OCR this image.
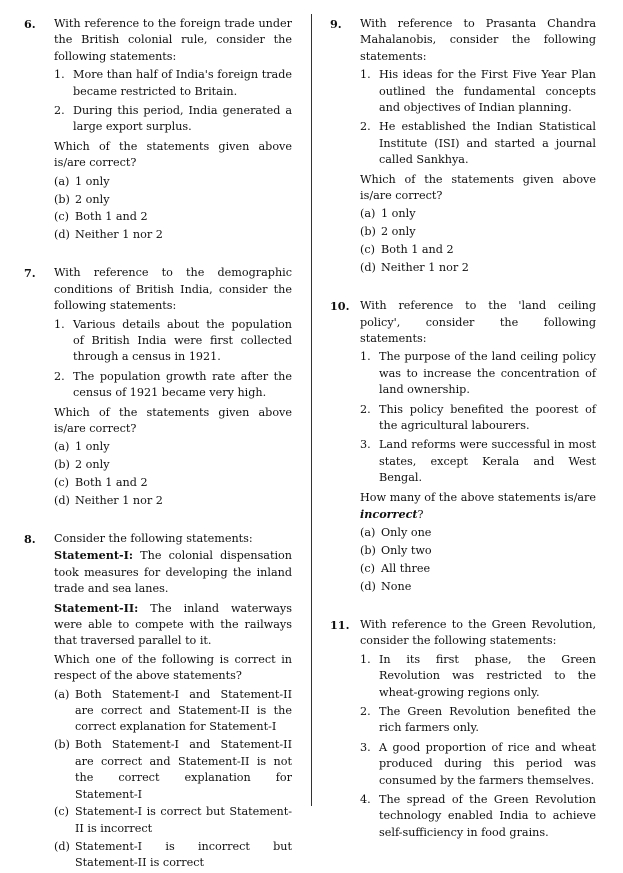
6.	With reference to the foreign trade under the British colonial rule, consider the following statements:
1. More than half of India's foreign trade became restricted to Britain.
2. During this period, India generated a large export surplus.
Which of the statements given above is/are correct?
(a) 1 only
(b) 2 only
(c) Both 1 and 2
(d) Neither 1 nor 2
7.	With reference to the demographic conditions of British India, consider the following statements:
1. Various details about the population of British India were first collected through a census in 1921.
2. The population growth rate after the census of 1921 became very high.
Which of the statements given above is/are correct?
(a) 1 only
(b) 2 only
(c) Both 1 and 2
(d) Neither 1 nor 2
8.	Consider the following statements:
Statement-I: The colonial dispensation took measures for developing the inland trade and sea lanes.
Statement-II: The inland waterways were able to compete with the railways that traversed parallel to it.
Which one of the following is correct in respect of the above statements?
(a) Both Statement-I and Statement-II are correct and Statement-II is the correct explanation for Statement-I
(b) Both Statement-I and Statement-II are correct and Statement-II is not the correct explanation for Statement-I
(c) Statement-I is correct but Statement-II is incorrect
(d) Statement-I is incorrect but Statement-II is correct
9.	With reference to Prasanta Chandra Mahalanobis, consider the following statements:
1. His ideas for the First Five Year Plan outlined the fundamental concepts and objectives of Indian planning.
2. He established the Indian Statistical Institute (ISI) and started a journal called Sankhya.
Which of the statements given above is/are correct?
(a) 1 only
(b) 2 only
(c) Both 1 and 2
(d) Neither 1 nor 2
10. With reference to the 'land ceiling policy', consider the following statements:
1. The purpose of the land ceiling policy was to increase the concentration of land ownership.
2. This policy benefited the poorest of the agricultural labourers.
3. Land reforms were successful in most states, except Kerala and West Bengal.
How many of the above statements is/are incorrect?
(a) Only one
(b) Only two
(c) All three
(d) None
11. With reference to the Green Revolution, consider the following statements:
1. In its first phase, the Green Revolution was restricted to the wheat-growing regions only.
2. The Green Revolution benefited the rich farmers only.
3. A good proportion of rice and wheat produced during this period was consumed by the farmers themselves.
4. The spread of the Green Revolution technology enabled India to achieve self-sufficiency in food grains.
